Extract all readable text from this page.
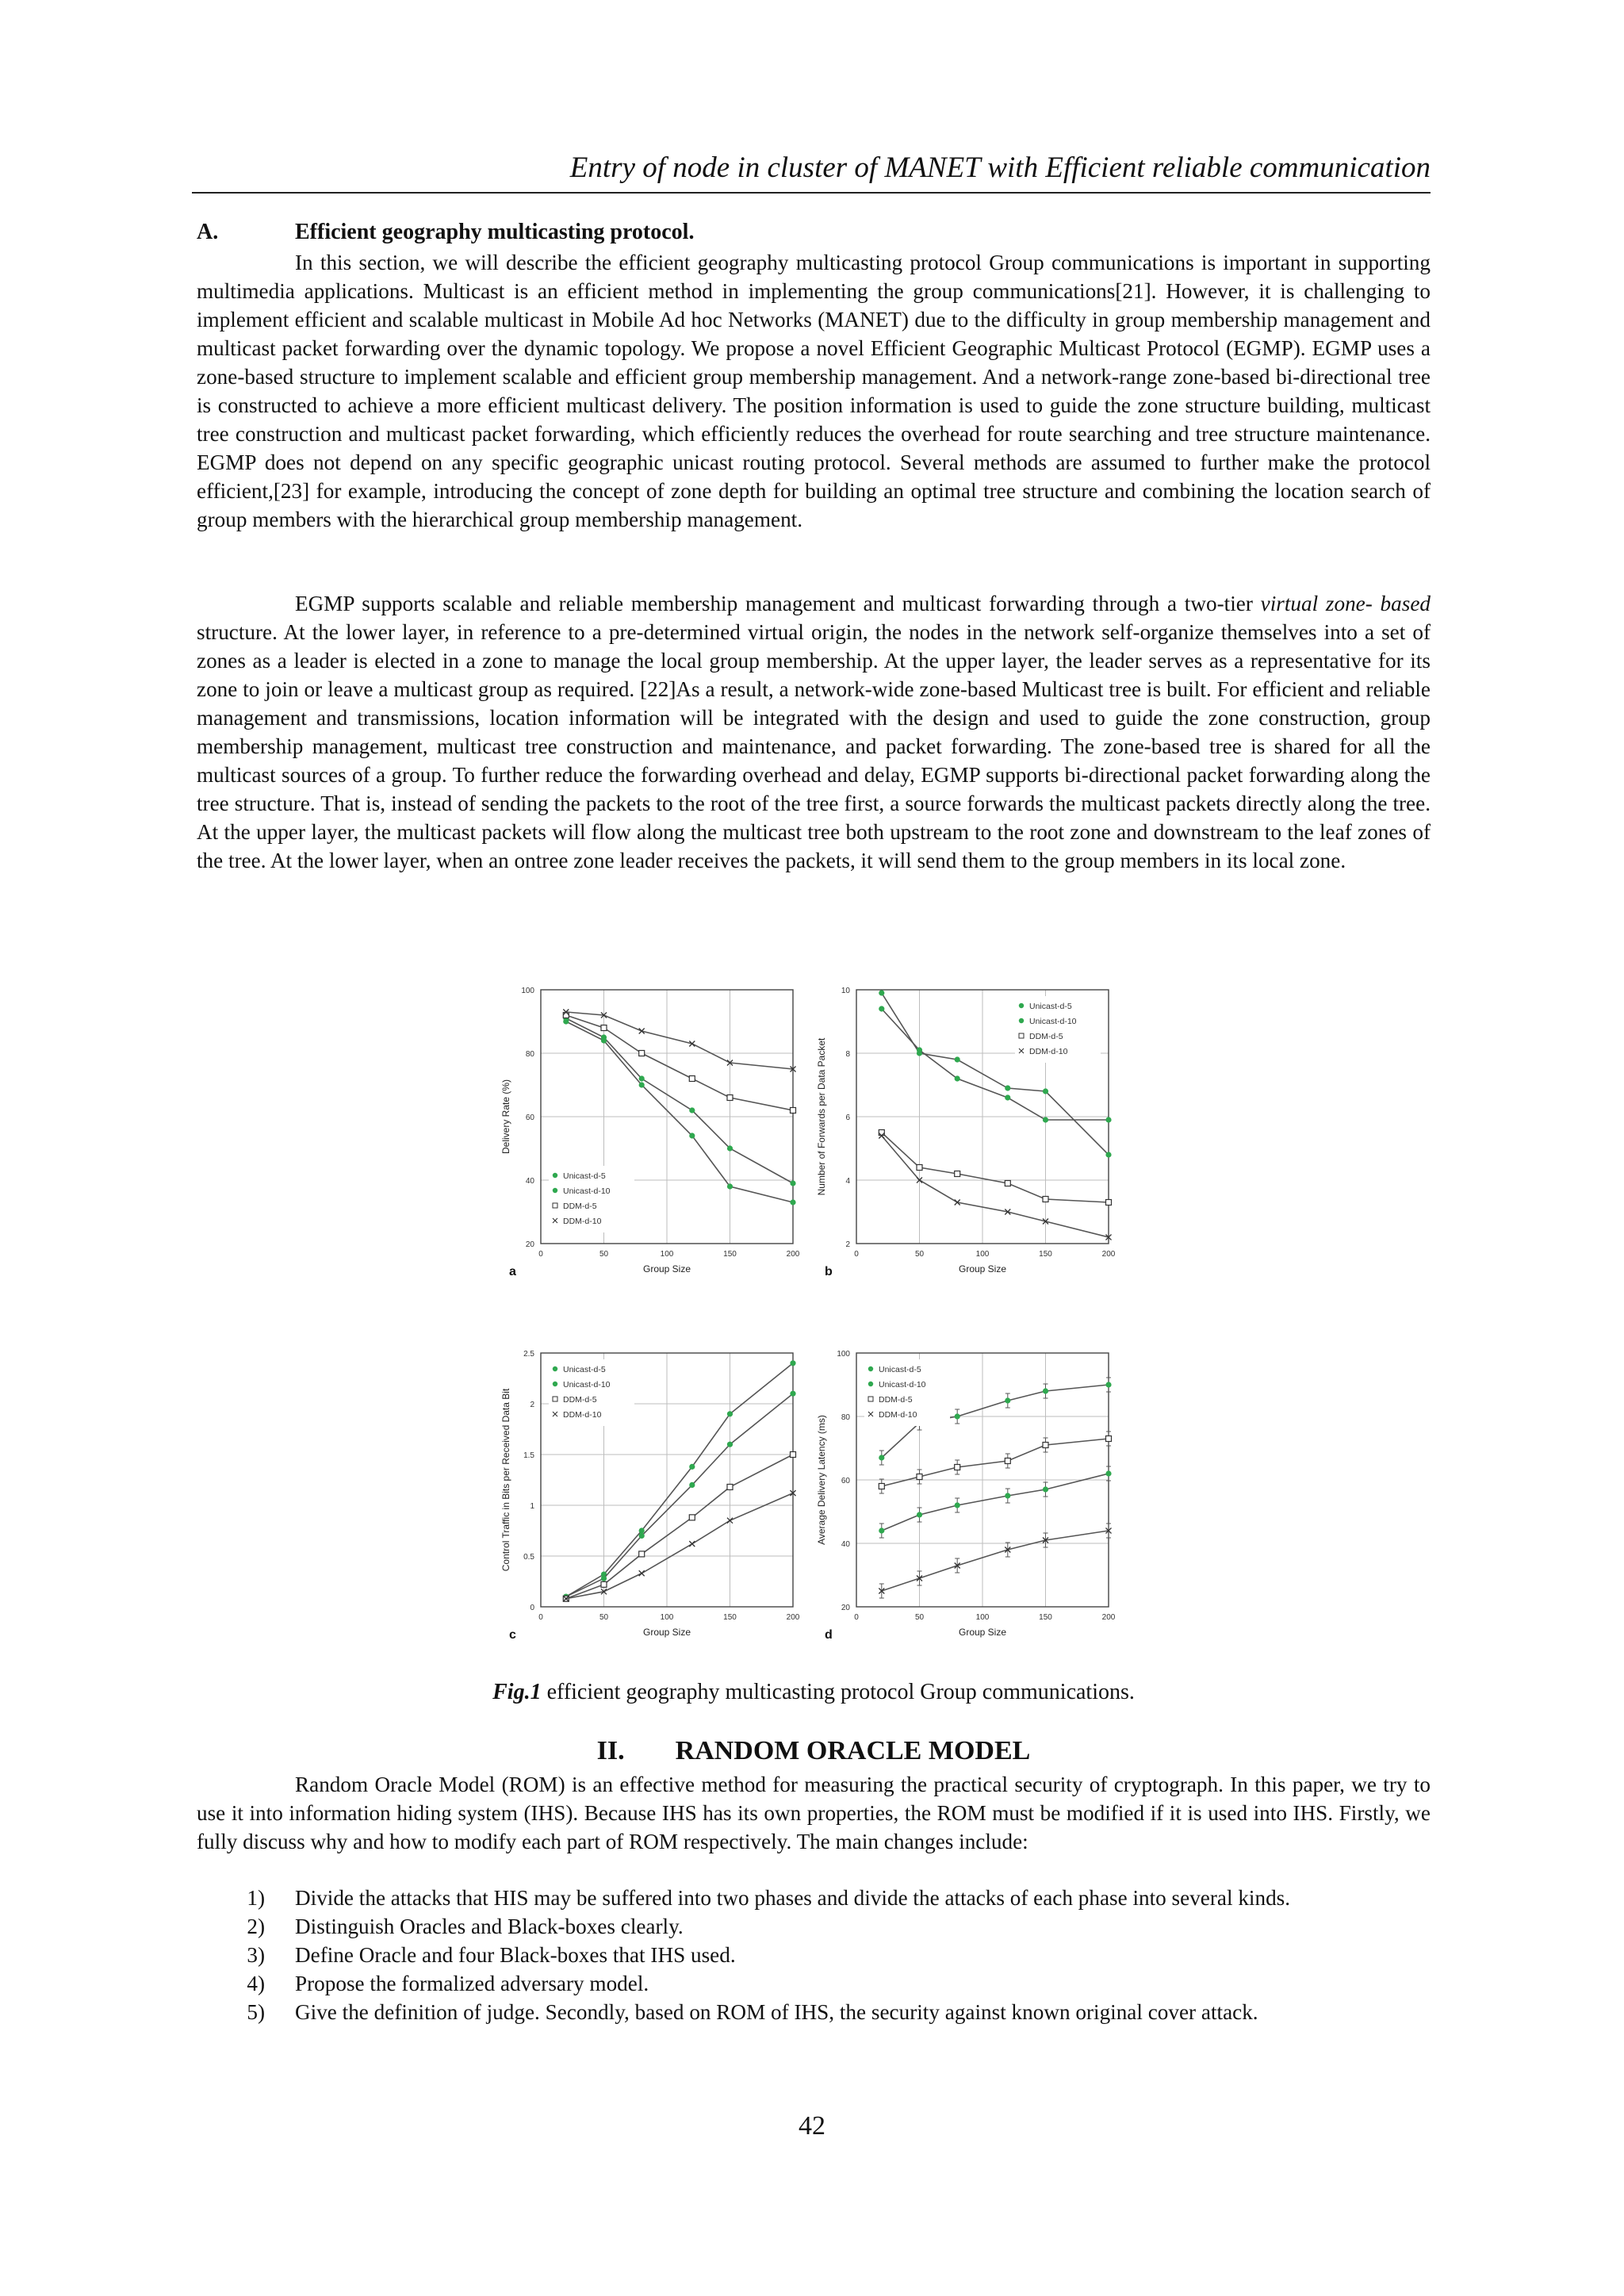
Entry of node in cluster of MANET with Efficient reliable communication
A.	Efficient geography multicasting protocol.

In this section, we will describe the efficient geography multicasting protocol Group communications is important in supporting multimedia applications. Multicast is an efficient method in implementing the group communications[21]. However, it is challenging to implement efficient and scalable multicast in Mobile Ad hoc Networks (MANET) due to the difficulty in group membership management and multicast packet forwarding over the dynamic topology. We propose a novel Efficient Geographic Multicast Protocol (EGMP). EGMP uses a zone-based structure to implement scalable and efficient group membership management. And a network-range zone-based bi-directional tree is constructed to achieve a more efficient multicast delivery. The position information is used to guide the zone structure building, multicast tree construction and multicast packet forwarding, which efficiently reduces the overhead for route searching and tree structure maintenance. EGMP does not depend on any specific geographic unicast routing protocol. Several methods are assumed to further make the protocol efficient,[23] for example, introducing the concept of zone depth for building an optimal tree structure and combining the location search of group members with the hierarchical group membership management.

EGMP supports scalable and reliable membership management and multicast forwarding through a two-tier virtual zone- based structure. At the lower layer, in reference to a pre-determined virtual origin, the nodes in the network self-organize themselves into a set of zones as a leader is elected in a zone to manage the local group membership. At the upper layer, the leader serves as a representative for its zone to join or leave a multicast group as required. [22]As a result, a network-wide zone-based Multicast tree is built. For efficient and reliable management and transmissions, location information will be integrated with the design and used to guide the zone construction, group membership management, multicast tree construction and maintenance, and packet forwarding. The zone-based tree is shared for all the multicast sources of a group. To further reduce the forwarding overhead and delay, EGMP supports bi-directional packet forwarding along the tree structure. That is, instead of sending the packets to the root of the tree first, a source forwards the multicast packets directly along the tree. At the upper layer, the multicast packets will flow along the multicast tree both upstream to the root zone and downstream to the leaf zones of the tree. At the lower layer, when an ontree zone leader receives the packets, it will send them to the group members in its local zone.

20
40
60
80
100
0	50	100	150	200
Group Size
Delivery Rate (%)
a
Unicast-d-5
Unicast-d-10
DDM-d-5
DDM-d-10
2
4
6
8
10
0	50	100	150	200
Group Size
Number of Forwards per Data Packet
b
Unicast-d-5
Unicast-d-10
DDM-d-5
DDM-d-10
0
0.5
1
1.5
2
2.5
0	50	100	150	200
Group Size
Control Traffic in Bits per Received Data Bit
c
Unicast-d-5
Unicast-d-10
DDM-d-5
DDM-d-10
20
40
60
80
100
0	50	100	150	200
Group Size
Average Delivery Latency (ms)
d
Unicast-d-5
Unicast-d-10
DDM-d-5
DDM-d-10
Fig.1 efficient geography multicasting protocol Group communications.
II. RANDOM ORACLE MODEL

Random Oracle Model (ROM) is an effective method for measuring the practical security of cryptograph. In this paper, we try to use it into information hiding system (IHS). Because IHS has its own properties, the ROM must be modified if it is used into IHS. Firstly, we fully discuss why and how to modify each part of ROM respectively. The main changes include:

1)	Divide the attacks that HIS may be suffered into two phases and divide the attacks of each phase into several kinds.
2)	Distinguish Oracles and Black-boxes clearly.
3)	Define Oracle and four Black-boxes that IHS used.
4)	Propose the formalized adversary model.
5)	Give the definition of judge. Secondly, based on ROM of IHS, the security against known original cover attack.
42
